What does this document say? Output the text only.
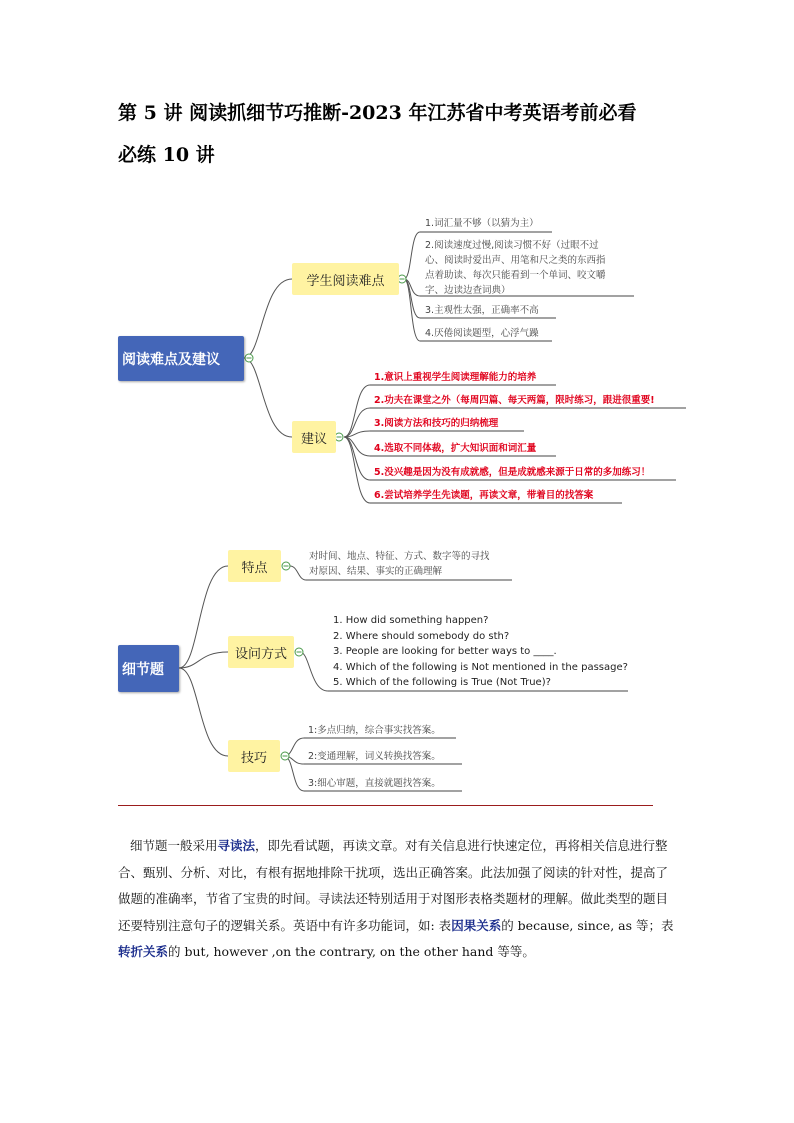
第 5 讲 阅读抓细节巧推断-2023 年江苏省中考英语考前必看
必练 10 讲
阅读难点及建议
学生阅读难点
1.词汇量不够（以猜为主）
2.阅读速度过慢,阅读习惯不好（过眼不过
心、阅读时爱出声、用笔和尺之类的东西指
点着助读、每次只能看到一个单词、咬文嚼
字、边读边查词典）
3.主观性太强，正确率不高
4.厌倦阅读题型，心浮气躁
建议
1.意识上重视学生阅读理解能力的培养
2.功夫在课堂之外（每周四篇、每天两篇，限时练习，跟进很重要!
3.阅读方法和技巧的归纳梳理
4.选取不同体裁，扩大知识面和词汇量
5.没兴趣是因为没有成就感，但是成就感来源于日常的多加练习！
6.尝试培养学生先读题，再读文章，带着目的找答案
细节题
特点
对时间、地点、特征、方式、数字等的寻找
对原因、结果、事实的正确理解
设问方式
1. How did something happen?
2. Where should somebody do sth?
3. People are looking for better ways to ____.
4. Which of the following is Not mentioned in the passage?
5. Which of the following is True (Not True)?
技巧
1:多点归纳，综合事实找答案。
2:变通理解，词义转换找答案。
3:细心审题，直接就题找答案。
细节题一般采用寻读法，即先看试题，再读文章。对有关信息进行快速定位，再将相关信息进行整合、甄别、分析、对比，有根有据地排除干扰项，选出正确答案。此法加强了阅读的针对性，提高了做题的准确率，节省了宝贵的时间。寻读法还特别适用于对图形表格类题材的理解。做此类型的题目还要特别注意句子的逻辑关系。英语中有许多功能词，如: 表因果关系的 because, since, as 等；表转折关系的 but, however ,on the contrary, on the other hand 等等。
